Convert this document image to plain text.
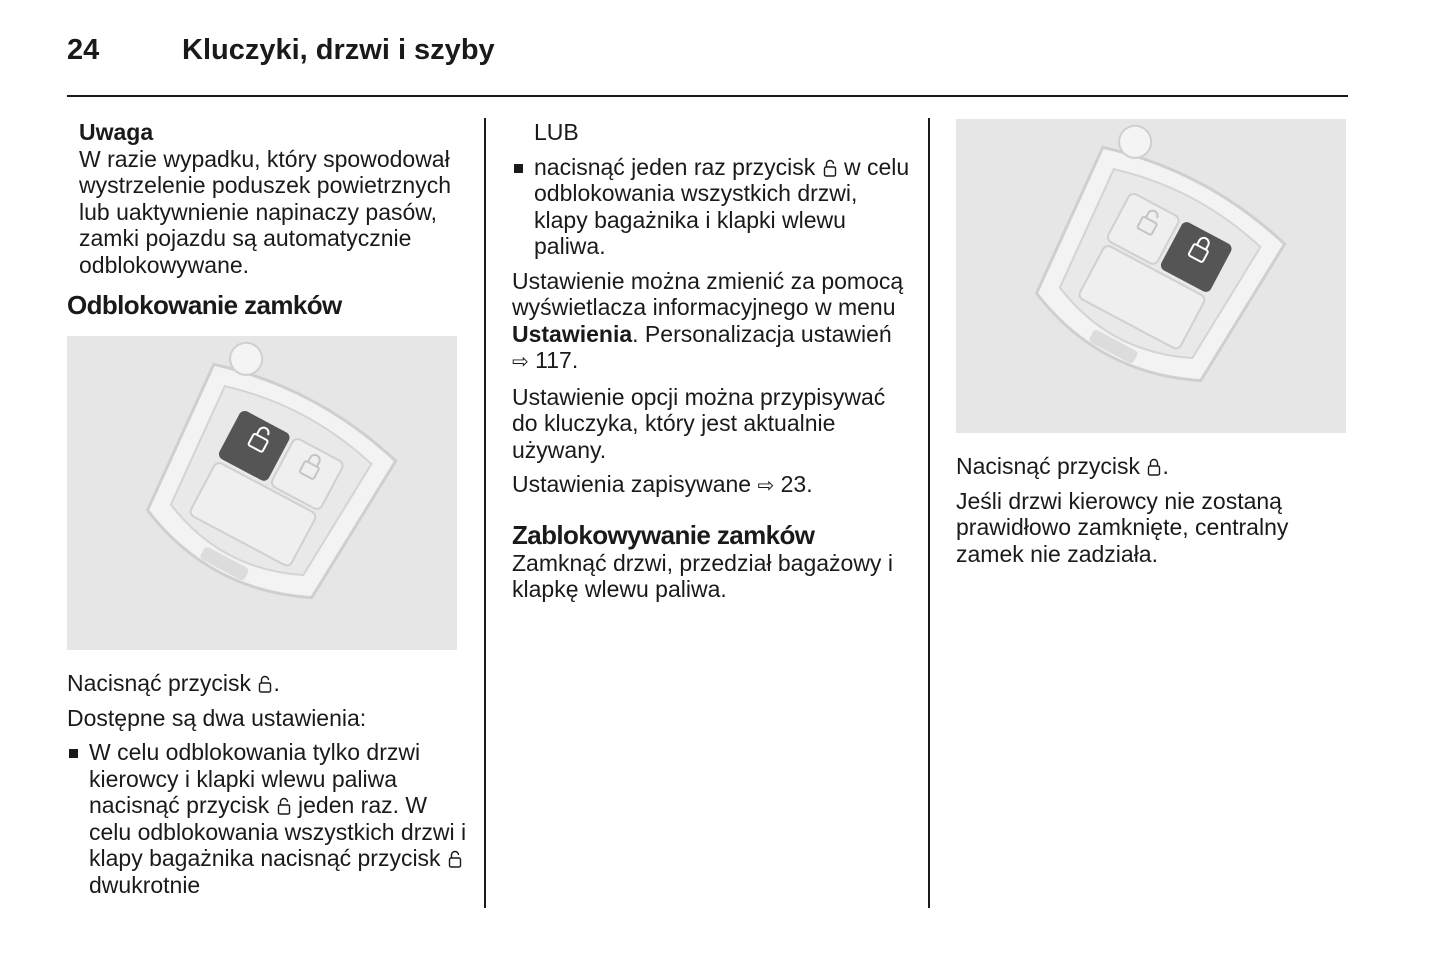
24	Kluczyki, drzwi i szyby
Uwaga

W razie wypadku, który spowodował wystrzelenie poduszek powietrznych lub uaktywnienie napinaczy pasów, zamki pojazdu są automatycznie odblokowywane.

Odblokowanie zamków

Nacisnąć przycisk .

Dostępne są dwa ustawienia:

W celu odblokowania tylko drzwi kierowcy i klapki wlewu paliwa nacisnąć przycisk  jeden raz. W celu odblokowania wszystkich drzwi i klapy bagażnika nacisnąć przycisk  dwukrotnie

LUB

nacisnąć jeden raz przycisk  w celu odblokowania wszystkich drzwi, klapy bagażnika i klapki wlewu paliwa.

Ustawienie można zmienić za pomocą wyświetlacza informacyjnego w menu Ustawienia. Personalizacja ustawień ⇨ 117.

Ustawienie opcji można przypisywać do kluczyka, który jest aktualnie używany.

Ustawienia zapisywane ⇨ 23.

Zablokowywanie zamków

Zamknąć drzwi, przedział bagażowy i klapkę wlewu paliwa.

Nacisnąć przycisk .

Jeśli drzwi kierowcy nie zostaną prawidłowo zamknięte, centralny zamek nie zadziała.
